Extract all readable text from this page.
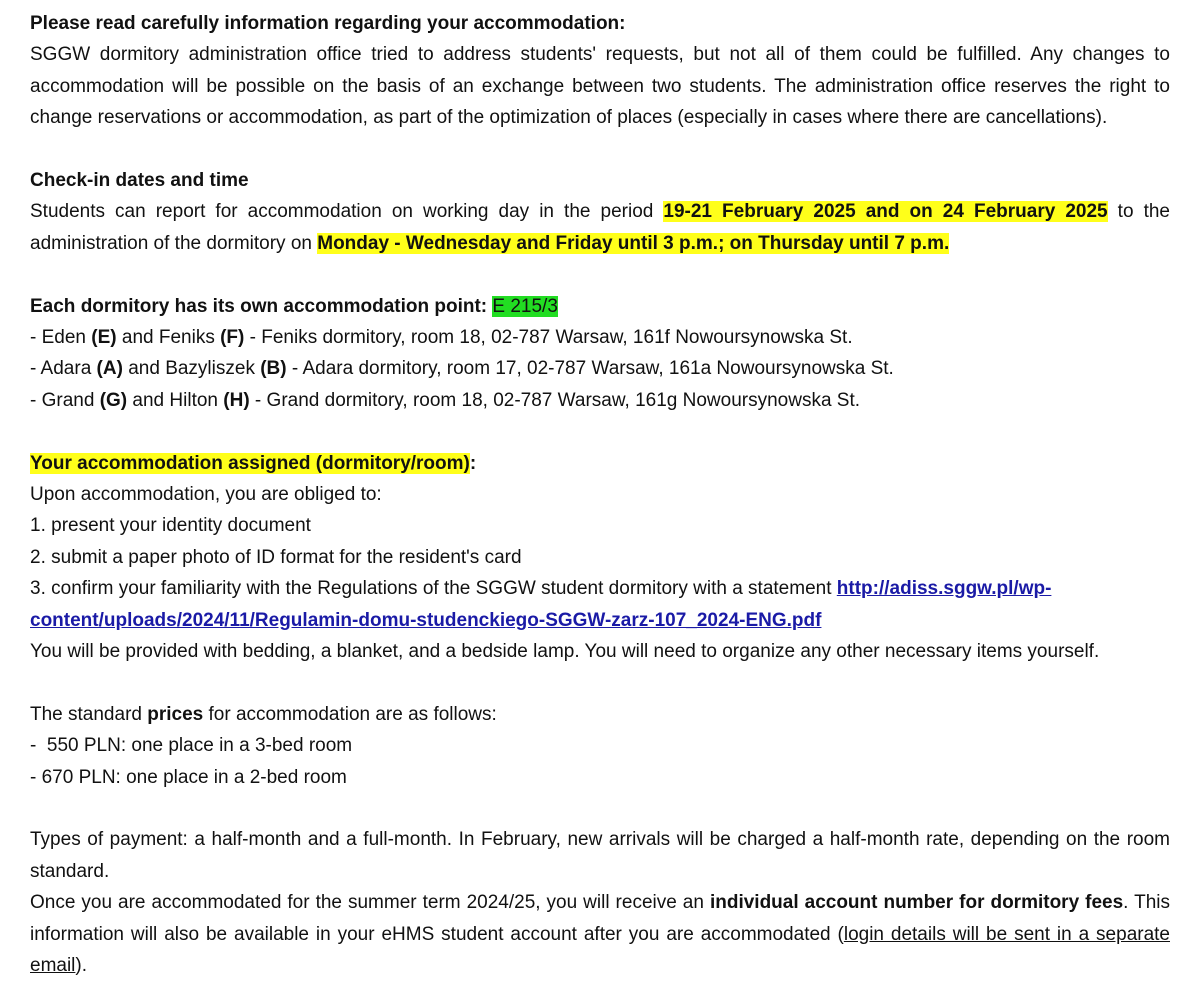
Please read carefully information regarding your accommodation:
SGGW dormitory administration office tried to address students' requests, but not all of them could be fulfilled. Any changes to accommodation will be possible on the basis of an exchange between two students. The administration office reserves the right to change reservations or accommodation, as part of the optimization of places (especially in cases where there are cancellations).
Check-in dates and time
Students can report for accommodation on working day in the period 19-21 February 2025 and on 24 February 2025 to the administration of the dormitory on Monday - Wednesday and Friday until 3 p.m.; on Thursday until 7 p.m.
Each dormitory has its own accommodation point: E 215/3
- Eden (E) and Feniks (F) - Feniks dormitory, room 18, 02-787 Warsaw, 161f Nowoursynowska St.
- Adara (A) and Bazyliszek (B) - Adara dormitory, room 17, 02-787 Warsaw, 161a Nowoursynowska St.
- Grand (G) and Hilton (H) - Grand dormitory, room 18, 02-787 Warsaw, 161g Nowoursynowska St.
Your accommodation assigned (dormitory/room):
Upon accommodation, you are obliged to:
1. present your identity document
2. submit a paper photo of ID format for the resident's card
3. confirm your familiarity with the Regulations of the SGGW student dormitory with a statement http://adiss.sggw.pl/wp-
content/uploads/2024/11/Regulamin-domu-studenckiego-SGGW-zarz-107_2024-ENG.pdf
You will be provided with bedding, a blanket, and a bedside lamp. You will need to organize any other necessary items yourself.
The standard prices for accommodation are as follows:
-  550 PLN: one place in a 3-bed room
- 670 PLN: one place in a 2-bed room
Types of payment: a half-month and a full-month. In February, new arrivals will be charged a half-month rate, depending on the room standard.
Once you are accommodated for the summer term 2024/25, you will receive an individual account number for dormitory fees. This information will also be available in your eHMS student account after you are accommodated (login details will be sent in a separate email).
